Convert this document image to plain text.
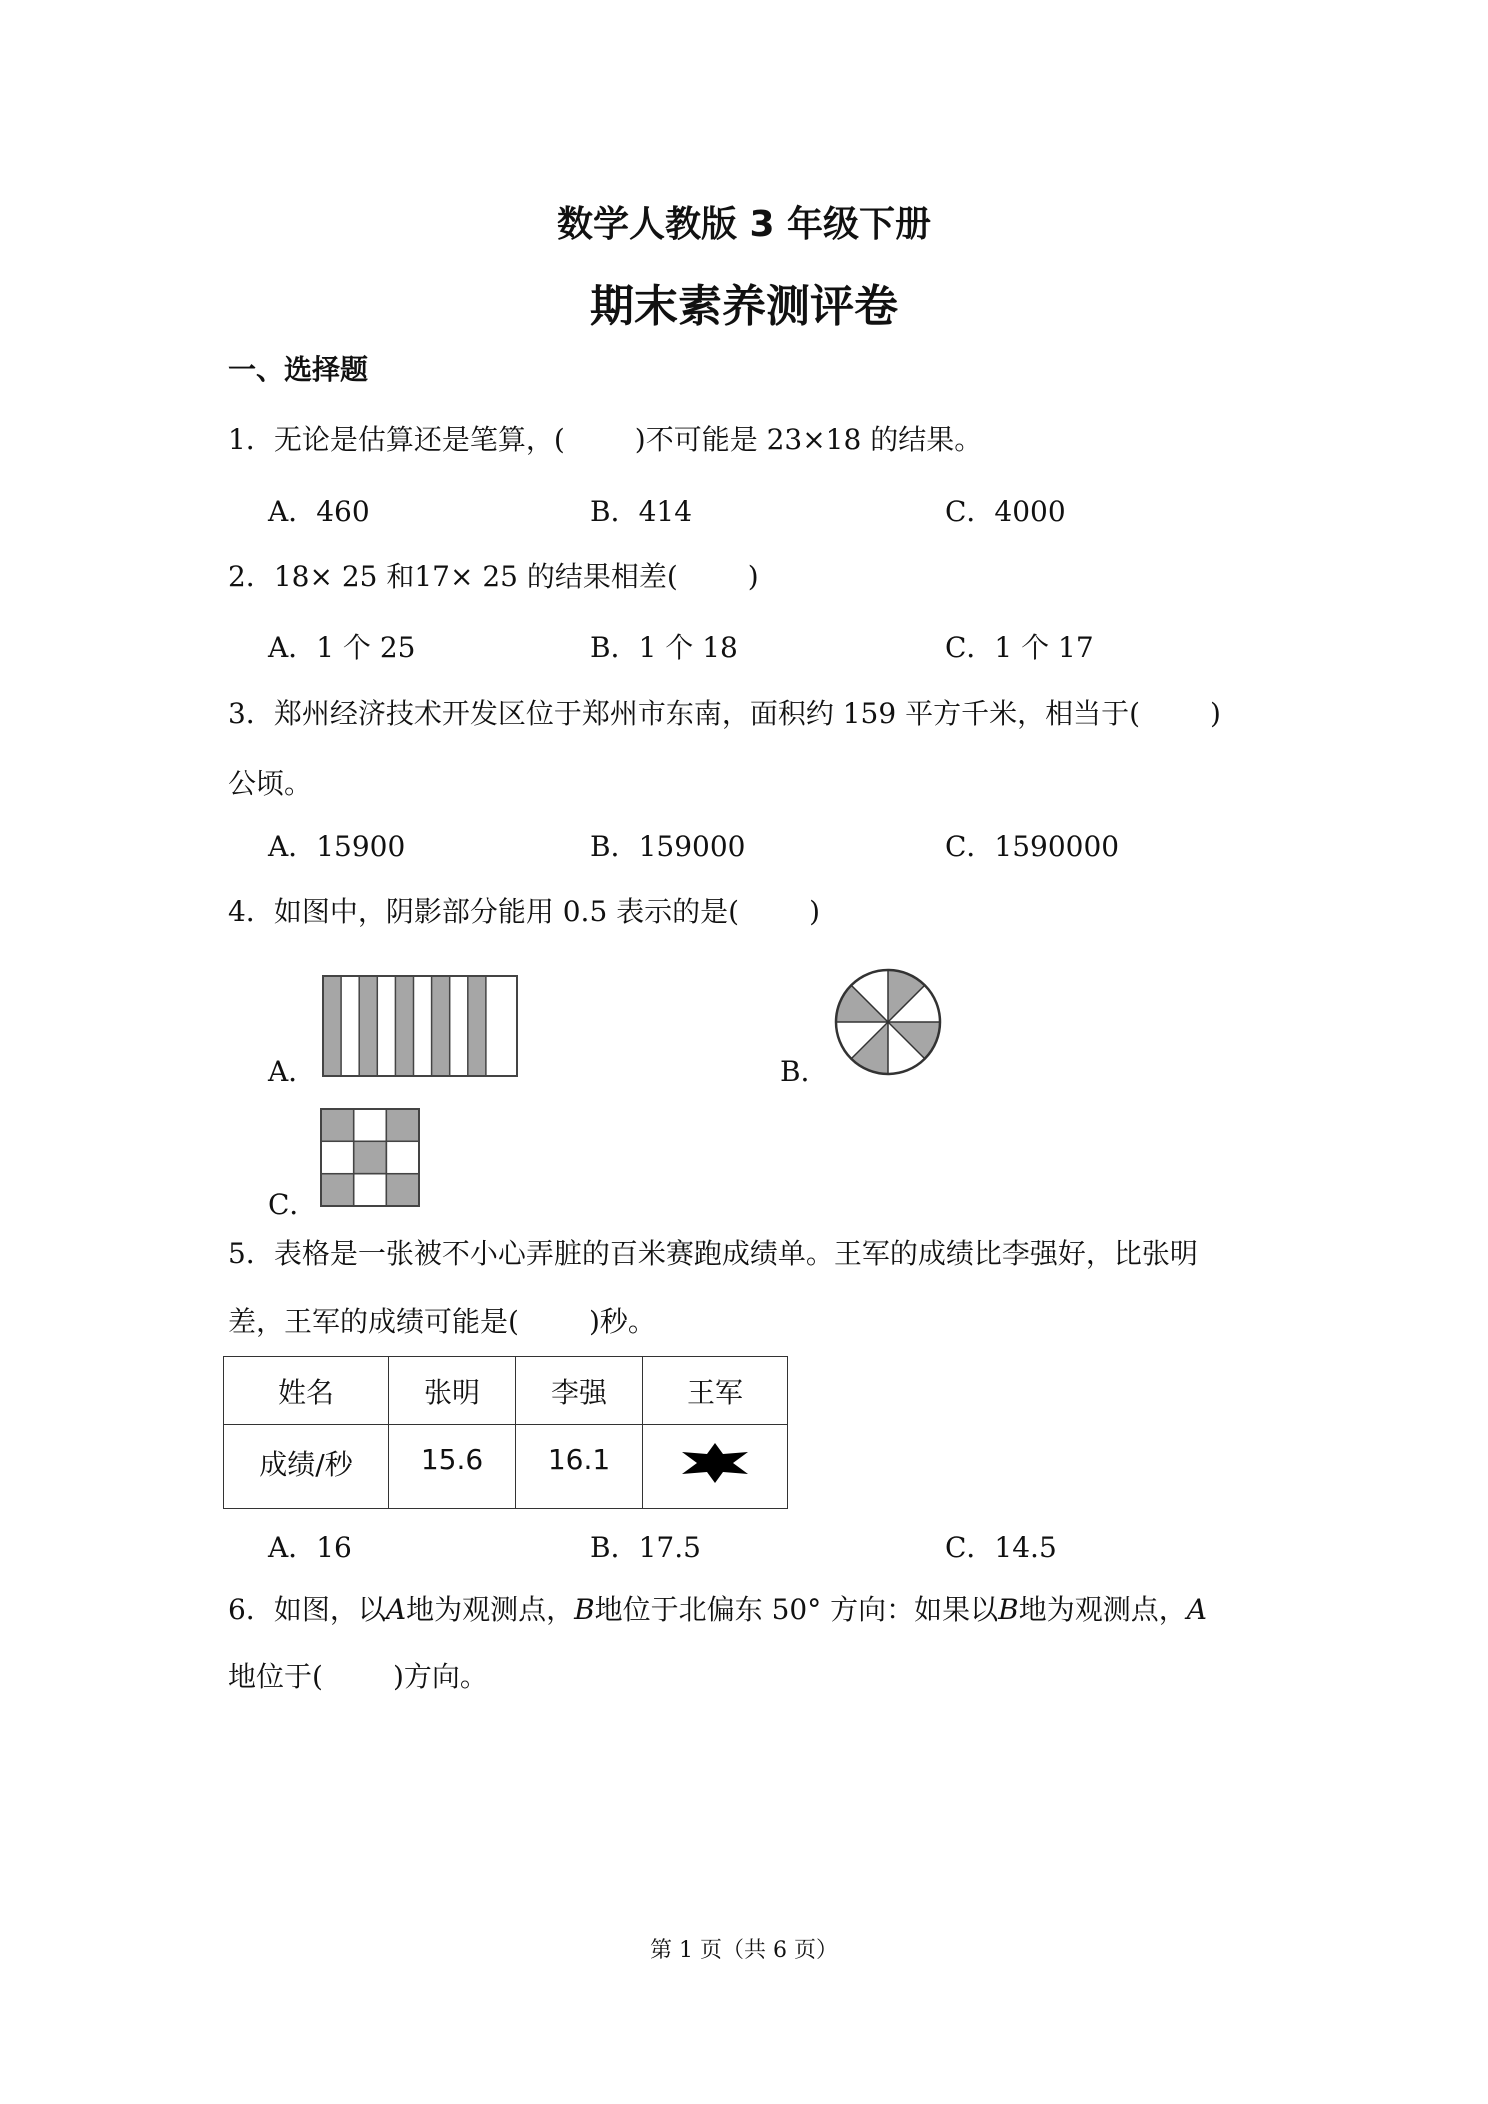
数学人教版 3 年级下册
期末素养测评卷
一、选择题
1．无论是估算还是笔算，(	)不可能是 23×18 的结果。
A．460	B．414	C．4000
2．18× 25 和17× 25 的结果相差(	)
A．1 个 25	B．1 个 18	C．1 个 17
3．郑州经济技术开发区位于郑州市东南，面积约 159 平方千米，相当于(	)
公顷。
A．15900	B．159000	C．1590000
4．如图中，阴影部分能用 0.5 表示的是(	)
A．	B．
C．
5．表格是一张被不小心弄脏的百米赛跑成绩单。王军的成绩比李强好，比张明
差，王军的成绩可能是(	)秒。
姓名	张明	李强	王军
成绩/秒	15.6	16.1	
A．16	B．17.5	C．14.5
6．如图，以A地为观测点，B地位于北偏东 50° 方向：如果以B地为观测点，A
地位于(	)方向。
第 1 页（共 6 页）
